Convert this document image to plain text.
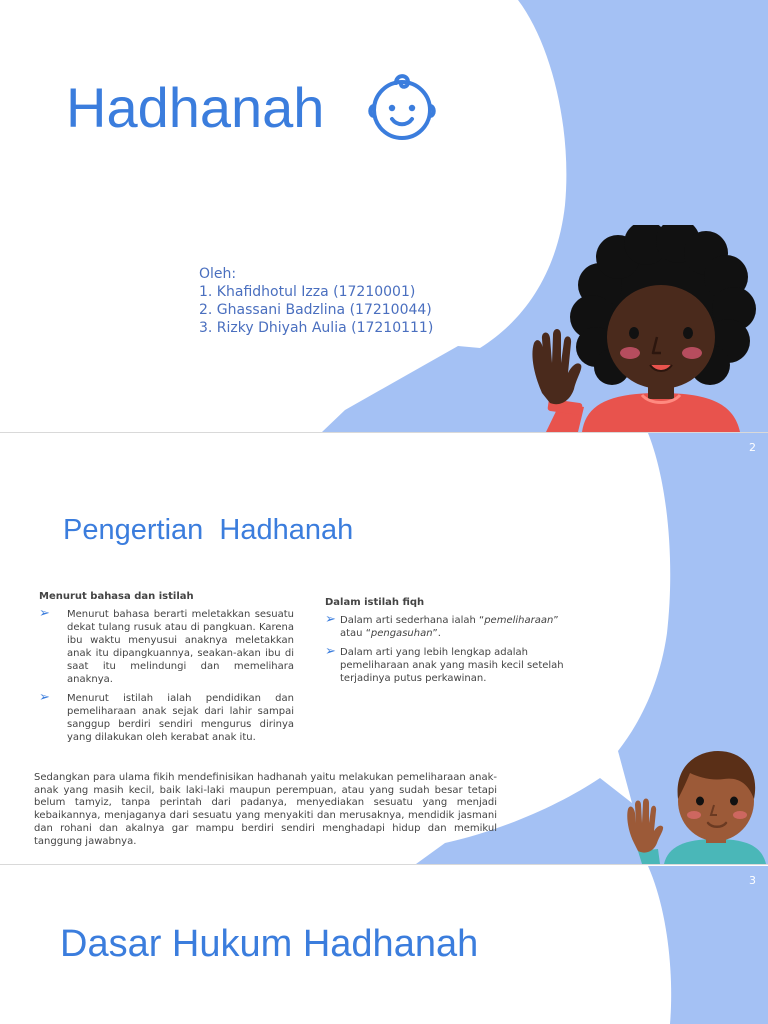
Hadhanah
Oleh:
1. Khafidhotul Izza (17210001)
2. Ghassani Badzlina (17210044)
3. Rizky Dhiyah Aulia (17210111)
2
Pengertian  Hadhanah
Menurut bahasa dan istilah
➢ Menurut bahasa berarti meletakkan sesuatu dekat tulang rusuk atau di pangkuan. Karena ibu waktu menyusui anaknya meletakkan anak itu dipangkuannya, seakan-akan ibu di saat itu melindungi dan memelihara anaknya.
➢ Menurut istilah ialah pendidikan dan pemeliharaan anak sejak dari lahir sampai sanggup berdiri sendiri mengurus dirinya yang dilakukan oleh kerabat anak itu.
Dalam istilah fiqh
➢ Dalam arti sederhana ialah “pemeliharaan” atau “pengasuhan”.
➢ Dalam arti yang lebih lengkap adalah pemeliharaan anak yang masih kecil setelah terjadinya putus perkawinan.

Sedangkan para ulama fikih mendefinisikan hadhanah yaitu melakukan pemeliharaan anak-anak yang masih kecil, baik laki-laki maupun perempuan, atau yang sudah besar tetapi belum tamyiz, tanpa perintah dari padanya, menyediakan sesuatu yang menjadi kebaikannya, menjaganya dari sesuatu yang menyakiti dan merusaknya, mendidik jasmani dan rohani dan akalnya gar mampu berdiri sendiri menghadapi hidup dan memikul tanggung jawabnya.

3
Dasar Hukum Hadhanah
